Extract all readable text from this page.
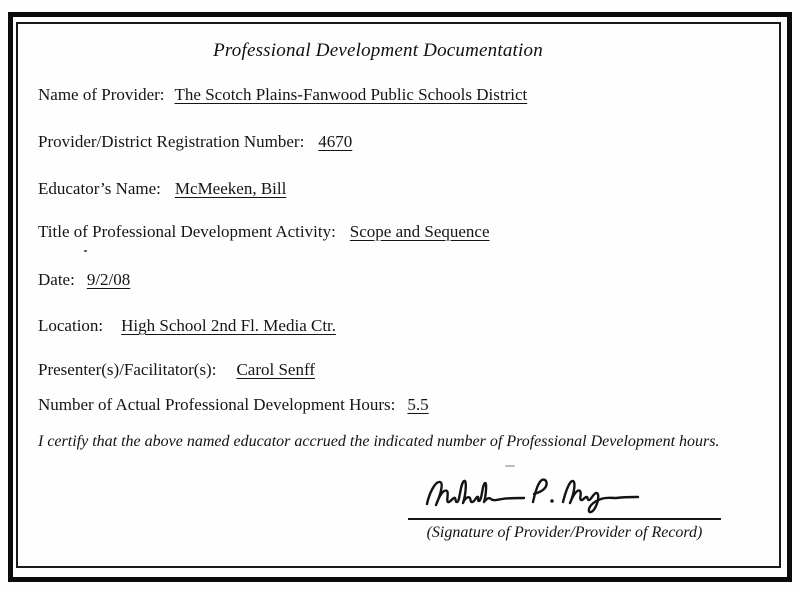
Professional Development Documentation
Name of Provider: The Scotch Plains-Fanwood Public Schools District
Provider/District Registration Number: 4670
Educator’s Name: McMeeken, Bill
Title of Professional Development Activity: Scope and Sequence
Date: 9/2/08
Location: High School 2nd Fl. Media Ctr.
Presenter(s)/Facilitator(s): Carol Senff
Number of Actual Professional Development Hours: 5.5
I certify that the above named educator accrued the indicated number of Professional Development hours.
(Signature of Provider/Provider of Record)
